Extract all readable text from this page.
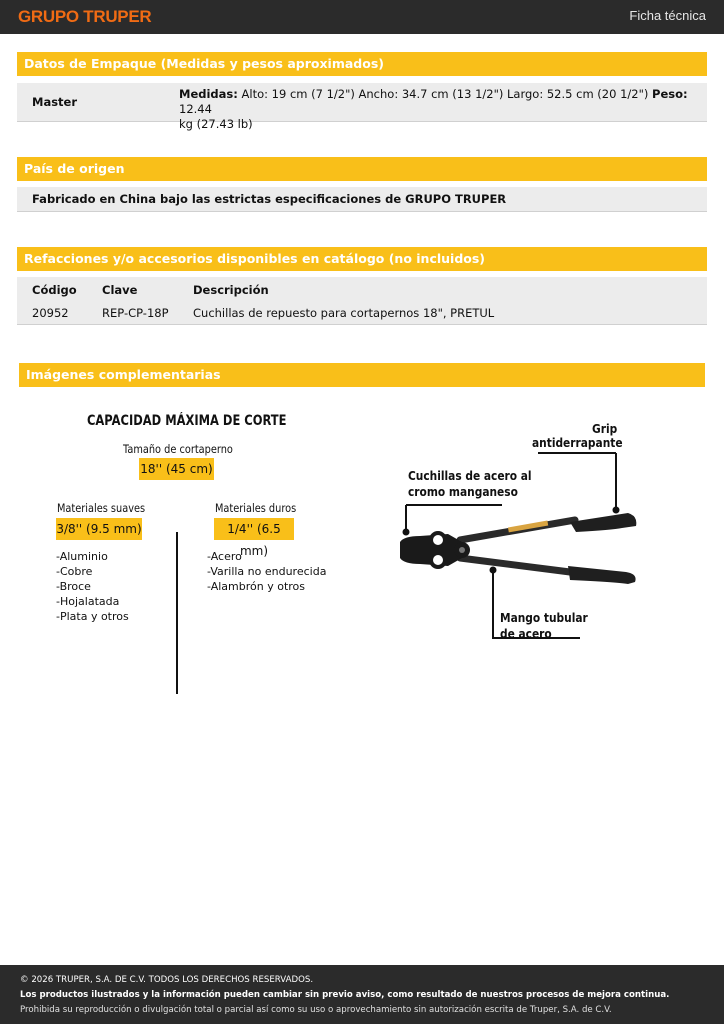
GRUPO TRUPER	Ficha técnica
Datos de Empaque (Medidas y pesos aproximados)
Master
Medidas: Alto: 19 cm (7 1/2") Ancho: 34.7 cm (13 1/2") Largo: 52.5 cm (20 1/2") Peso: 12.44
kg (27.43 lb)
País de origen
Fabricado en China bajo las estrictas especificaciones de GRUPO TRUPER
Refacciones y/o accesorios disponibles en catálogo (no incluidos)
Código Clave	Descripción
20952	REP-CP-18P Cuchillas de repuesto para cortapernos 18", PRETUL
Imágenes complementarias
CAPACIDAD MÁXIMA DE CORTE
Tamaño de cortaperno
18'' (45 cm)
Materiales suaves
3/8'' (9.5 mm)
-Aluminio
-Cobre
-Broce
-Hojalatada
-Plata y otros
Materiales duros
1/4'' (6.5 mm)
-Acero
-Varilla no endurecida
-Alambrón y otros
Grip
antiderrapante
Cuchillas de acero al
cromo manganeso
Mango tubular
de acero
© 2026 TRUPER, S.A. DE C.V. TODOS LOS DERECHOS RESERVADOS.
Los productos ilustrados y la información pueden cambiar sin previo aviso, como resultado de nuestros procesos de mejora continua.
Prohibida su reproducción o divulgación total o parcial así como su uso o aprovechamiento sin autorización escrita de Truper, S.A. de C.V.
